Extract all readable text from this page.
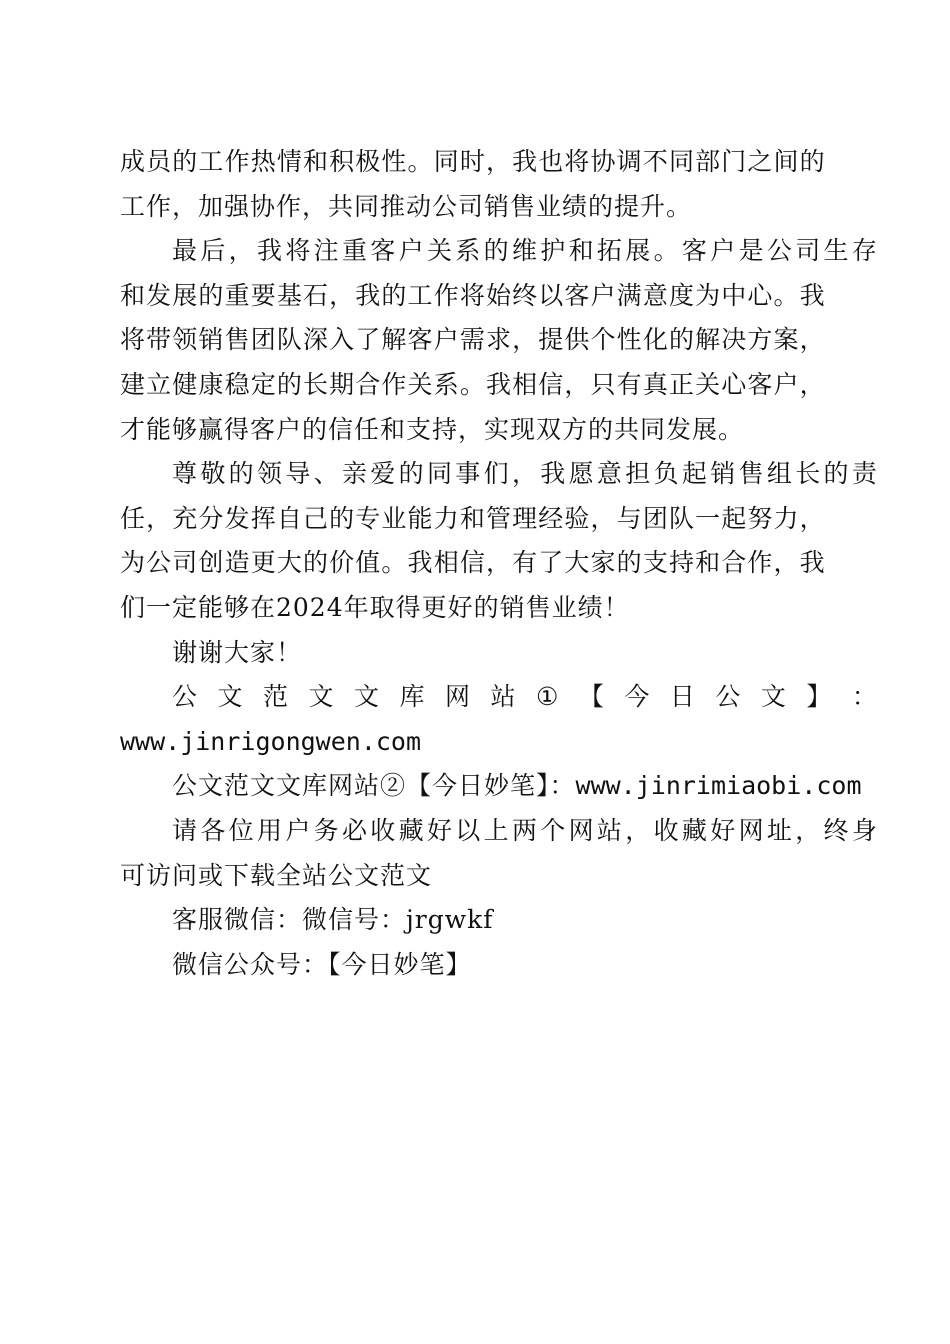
成 员 的 工 作 热 情 和 积 极 性 。 同 时 ， 我 也 将 协 调 不 同 部 门 之 间 的
工作，加强协作，共同推动公司销售业绩的提升。
最 后 ， 我 将 注 重 客 户 关 系 的 维 护 和 拓 展 。 客 户 是 公 司 生 存
和 发 展 的 重 要 基 石 ， 我 的 工 作 将 始 终 以 客 户 满 意 度 为 中 心 。 我
将 带 领 销 售 团 队 深 入 了 解 客 户 需 求 ， 提 供 个 性 化 的 解 决 方 案 ，
建 立 健 康 稳 定 的 长 期 合 作 关 系 。 我 相 信 ， 只 有 真 正 关 心 客 户 ，
才能够赢得客户的信任和支持，实现双方的共同发展。
尊 敬 的 领 导 、 亲 爱 的 同 事 们 ， 我 愿 意 担 负 起 销 售 组 长 的 责
任 ， 充 分 发 挥 自 己 的 专 业 能 力 和 管 理 经 验 ， 与 团 队 一 起 努 力 ，
为 公 司 创 造 更 大 的 价 值 。 我 相 信 ， 有 了 大 家 的 支 持 和 合 作 ， 我
们一定能够在2024年取得更好的销售业绩！
谢谢大家！
公 文 范 文 文 库 网 站 ① 【 今 日 公 文 】 ：
www.jinrigongwen.com
公文范文文库网站②【今日妙笔】：www.jinrimiaobi.com
请 各 位 用 户 务 必 收 藏 好 以 上 两 个 网 站 ， 收 藏 好 网 址 ， 终 身
可访问或下载全站公文范文
客服微信：微信号：jrgwkf
微信公众号：【今日妙笔】
